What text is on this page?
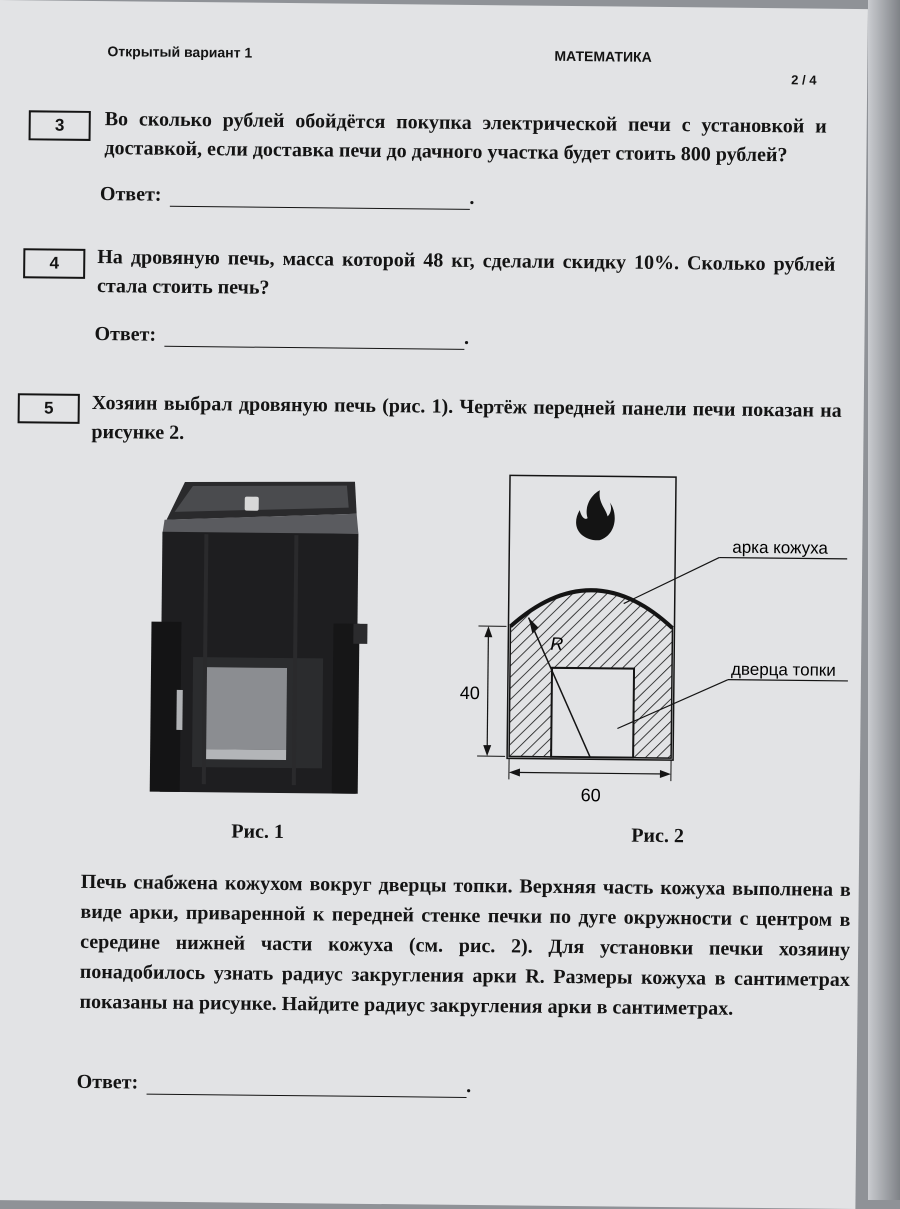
Открытый вариант 1	МАТЕМАТИКА
2 / 4
3	Во сколько рублей обойдётся покупка электрической печи с установкой и доставкой, если доставка печи до дачного участка будет стоить 800 рублей?
Ответ:	.
4	На дровяную печь, масса которой 48 кг, сделали скидку 10%. Сколько рублей стала стоить печь?
Ответ:	.
5	Хозяин выбрал дровяную печь (рис. 1). Чертёж передней панели печи показан на рисунке 2.
R
арка кожуха
дверца топки
40
60
Рис. 1	Рис. 2
Печь снабжена кожухом вокруг дверцы топки. Верхняя часть кожуха выполнена в виде арки, приваренной к передней стенке печки по дуге окружности с центром в середине нижней части кожуха (см. рис. 2). Для установки печки хозяину понадобилось узнать радиус закругления арки R. Размеры кожуха в сантиметрах показаны на рисунке. Найдите радиус закругления арки в сантиметрах.
Ответ:	.
